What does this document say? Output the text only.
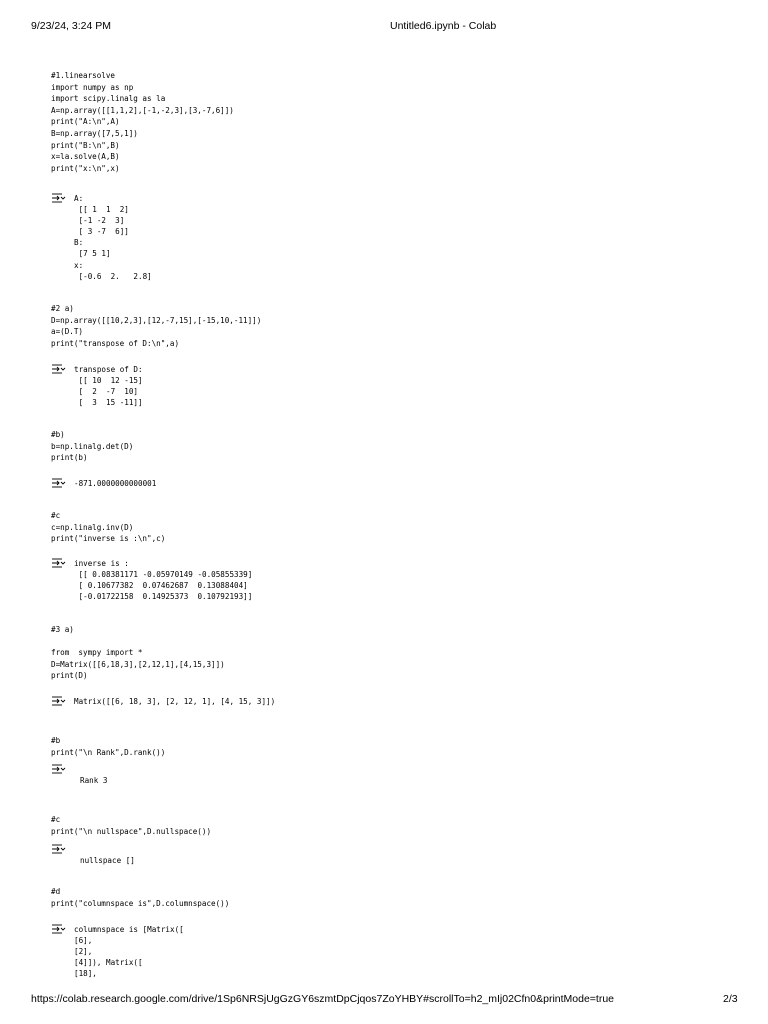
9/23/24, 3:24 PM	Untitled6.ipynb - Colab
#1.linearsolve
import numpy as np
import scipy.linalg as la
A=np.array([[1,1,2],[-1,-2,3],[3,-7,6]])
print("A:\n",A)
B=np.array([7,5,1])
print("B:\n",B)
x=la.solve(A,B)
print("x:\n",x)
A:
[[ 1  1  2]
[-1 -2  3]
[ 3 -7  6]]
B:
[7 5 1]
x:
[-0.6  2.   2.8]
#2 a)
D=np.array([[10,2,3],[12,-7,15],[-15,10,-11]])
a=(D.T)
print("transpose of D:\n",a)
transpose of D:
[[ 10  12 -15]
[  2  -7  10]
[  3  15 -11]]
#b)
b=np.linalg.det(D)
print(b)
-871.0000000000001
#c
c=np.linalg.inv(D)
print("inverse is :\n",c)
inverse is :
[[ 0.08381171 -0.05970149 -0.05855339]
[ 0.10677382  0.07462687  0.13088404]
[-0.01722158  0.14925373  0.10792193]]
#3 a)

from  sympy import *
D=Matrix([[6,18,3],[2,12,1],[4,15,3]])
print(D)
Matrix([[6, 18, 3], [2, 12, 1], [4, 15, 3]])
#b
print("\n Rank",D.rank())
Rank 3
#c
print("\n nullspace",D.nullspace())
nullspace []
#d
print("columnspace is",D.columnspace())
columnspace is [Matrix([
[6],
[2],
[4]]), Matrix([
[18],
https://colab.research.google.com/drive/1Sp6NRSjUgGzGY6szmtDpCjqos7ZoYHBY#scrollTo=h2_mIj02Cfn0&printMode=true	2/3
